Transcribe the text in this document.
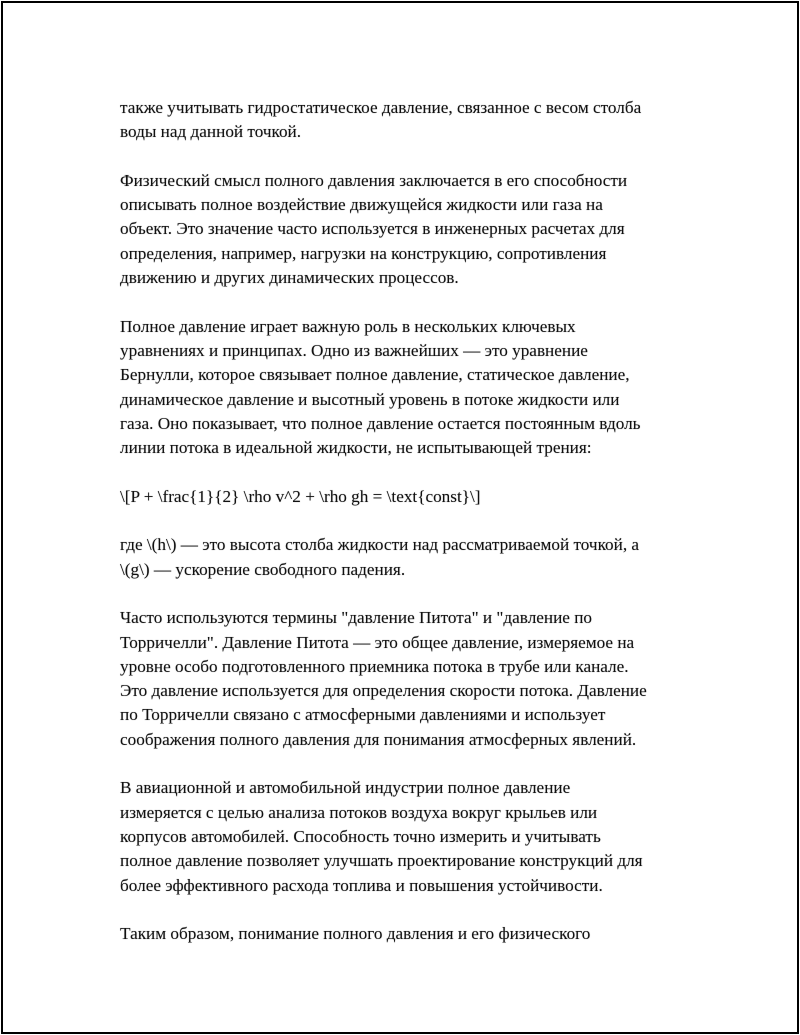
также учитывать гидростатическое давление, связанное с весом столба
воды над данной точкой.

Физический смысл полного давления заключается в его способности
описывать полное воздействие движущейся жидкости или газа на
объект. Это значение часто используется в инженерных расчетах для
определения, например, нагрузки на конструкцию, сопротивления
движению и других динамических процессов.

Полное давление играет важную роль в нескольких ключевых
уравнениях и принципах. Одно из важнейших — это уравнение
Бернулли, которое связывает полное давление, статическое давление,
динамическое давление и высотный уровень в потоке жидкости или
газа. Оно показывает, что полное давление остается постоянным вдоль
линии потока в идеальной жидкости, не испытывающей трения:

\[P + \frac{1}{2} \rho v^2 + \rho gh = \text{const}\]

где \(h\) — это высота столба жидкости над рассматриваемой точкой, а
\(g\) — ускорение свободного падения.

Часто используются термины "давление Питота" и "давление по
Торричелли". Давление Питота — это общее давление, измеряемое на
уровне особо подготовленного приемника потока в трубе или канале.
Это давление используется для определения скорости потока. Давление
по Торричелли связано с атмосферными давлениями и использует
соображения полного давления для понимания атмосферных явлений.

В авиационной и автомобильной индустрии полное давление
измеряется с целью анализа потоков воздуха вокруг крыльев или
корпусов автомобилей. Способность точно измерить и учитывать
полное давление позволяет улучшать проектирование конструкций для
более эффективного расхода топлива и повышения устойчивости.

Таким образом, понимание полного давления и его физического
